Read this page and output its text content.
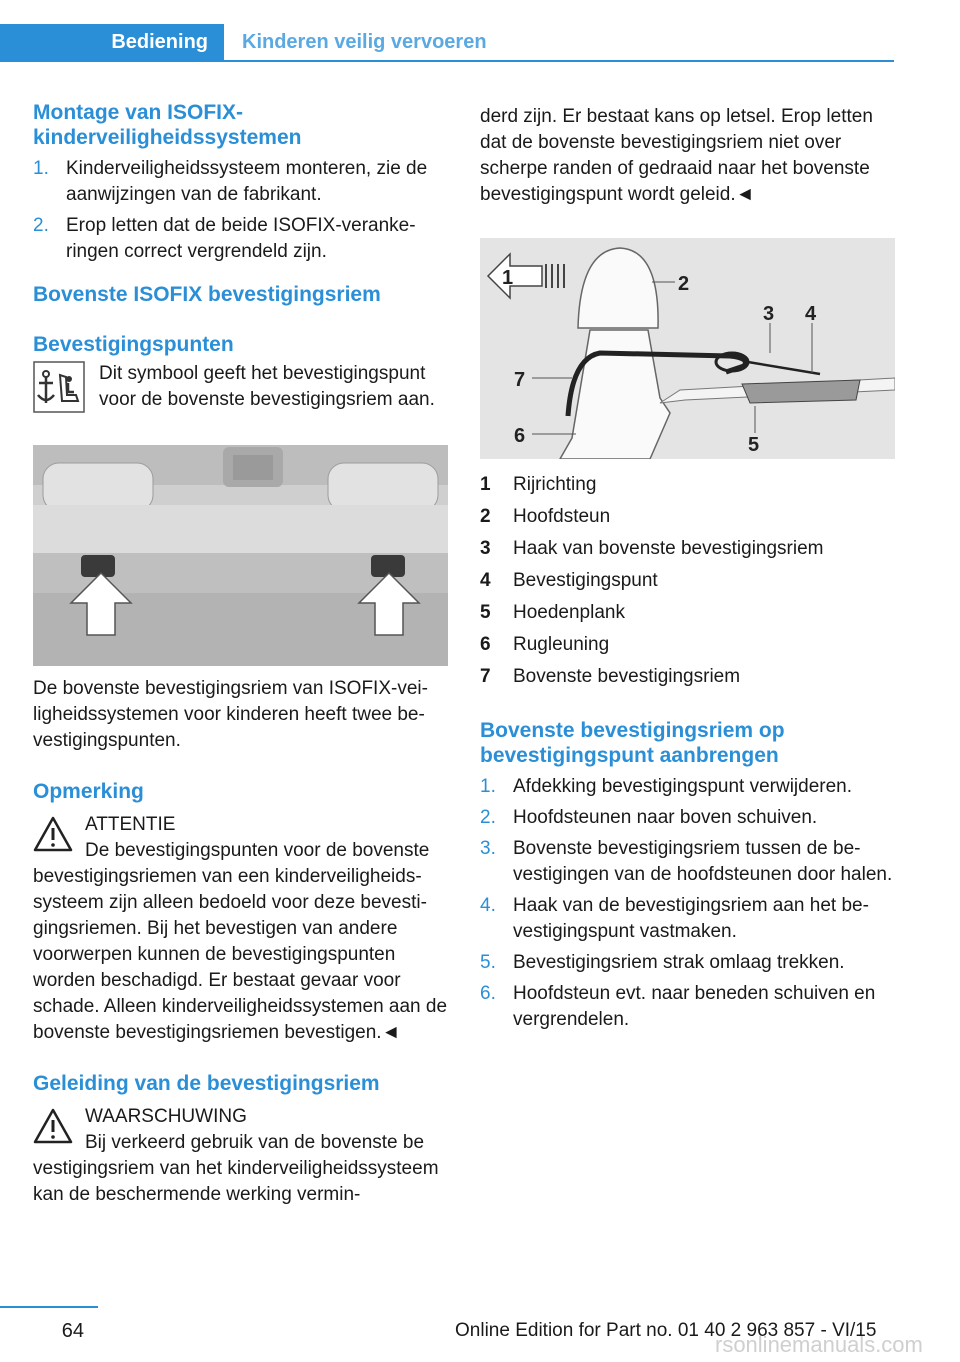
Bediening	Kinderen veilig vervoeren
Montage van ISOFIX-kinderveiligheidssystemen
1. Kinderveiligheidssysteem monteren, zie de aanwijzingen van de fabrikant.
2. Erop letten dat de beide ISOFIX-verankeringen correct vergrendeld zijn.
Bovenste ISOFIX bevestigingsriem
Bevestigingspunten

Dit symbool geeft het bevestigingspunt voor de bovenste bevestigingsriem aan.

De bovenste bevestigingsriem van ISOFIX-veiligheidssystemen voor kinderen heeft twee bevestigingspunten.

Opmerking

ATTENTIE
De bevestigingspunten voor de bovenste
bevestigingsriemen van een kinderveiligheidssysteem zijn alleen bedoeld voor deze bevestigingsriemen. Bij het bevestigen van andere voorwerpen kunnen de bevestigingspunten worden beschadigd. Er bestaat gevaar voor schade. Alleen kinderveiligheidssystemen aan de bovenste bevestigingsriemen bevestigen.◄

Geleiding van de bevestigingsriem

WAARSCHUWING
Bij verkeerd gebruik van de bovenste be
vestigingsriem van het kinderveiligheidssysteem kan de beschermende werking vermin-

derd zijn. Er bestaat kans op letsel. Erop letten dat de bovenste bevestigingsriem niet over scherpe randen of gedraaid naar het bovenste bevestigingspunt wordt geleid.◄

2
3 4
5
6
7
1
1 Rijrichting
2 Hoofdsteun
3 Haak van bovenste bevestigingsriem
4 Bevestigingspunt
5 Hoedenplank
6 Rugleuning
7 Bovenste bevestigingsriem
Bovenste bevestigingsriem op bevestigingspunt aanbrengen
1. Afdekking bevestigingspunt verwijderen.
2. Hoofdsteunen naar boven schuiven.
3. Bovenste bevestigingsriem tussen de bevestigingen van de hoofdsteunen door halen.
4. Haak van de bevestigingsriem aan het bevestigingspunt vastmaken.
5. Bevestigingsriem strak omlaag trekken.
6. Hoofdsteun evt. naar beneden schuiven en vergrendelen.
64	Online Edition for Part no. 01 40 2 963 857 - VI/15
rsonlinemanuals.com
